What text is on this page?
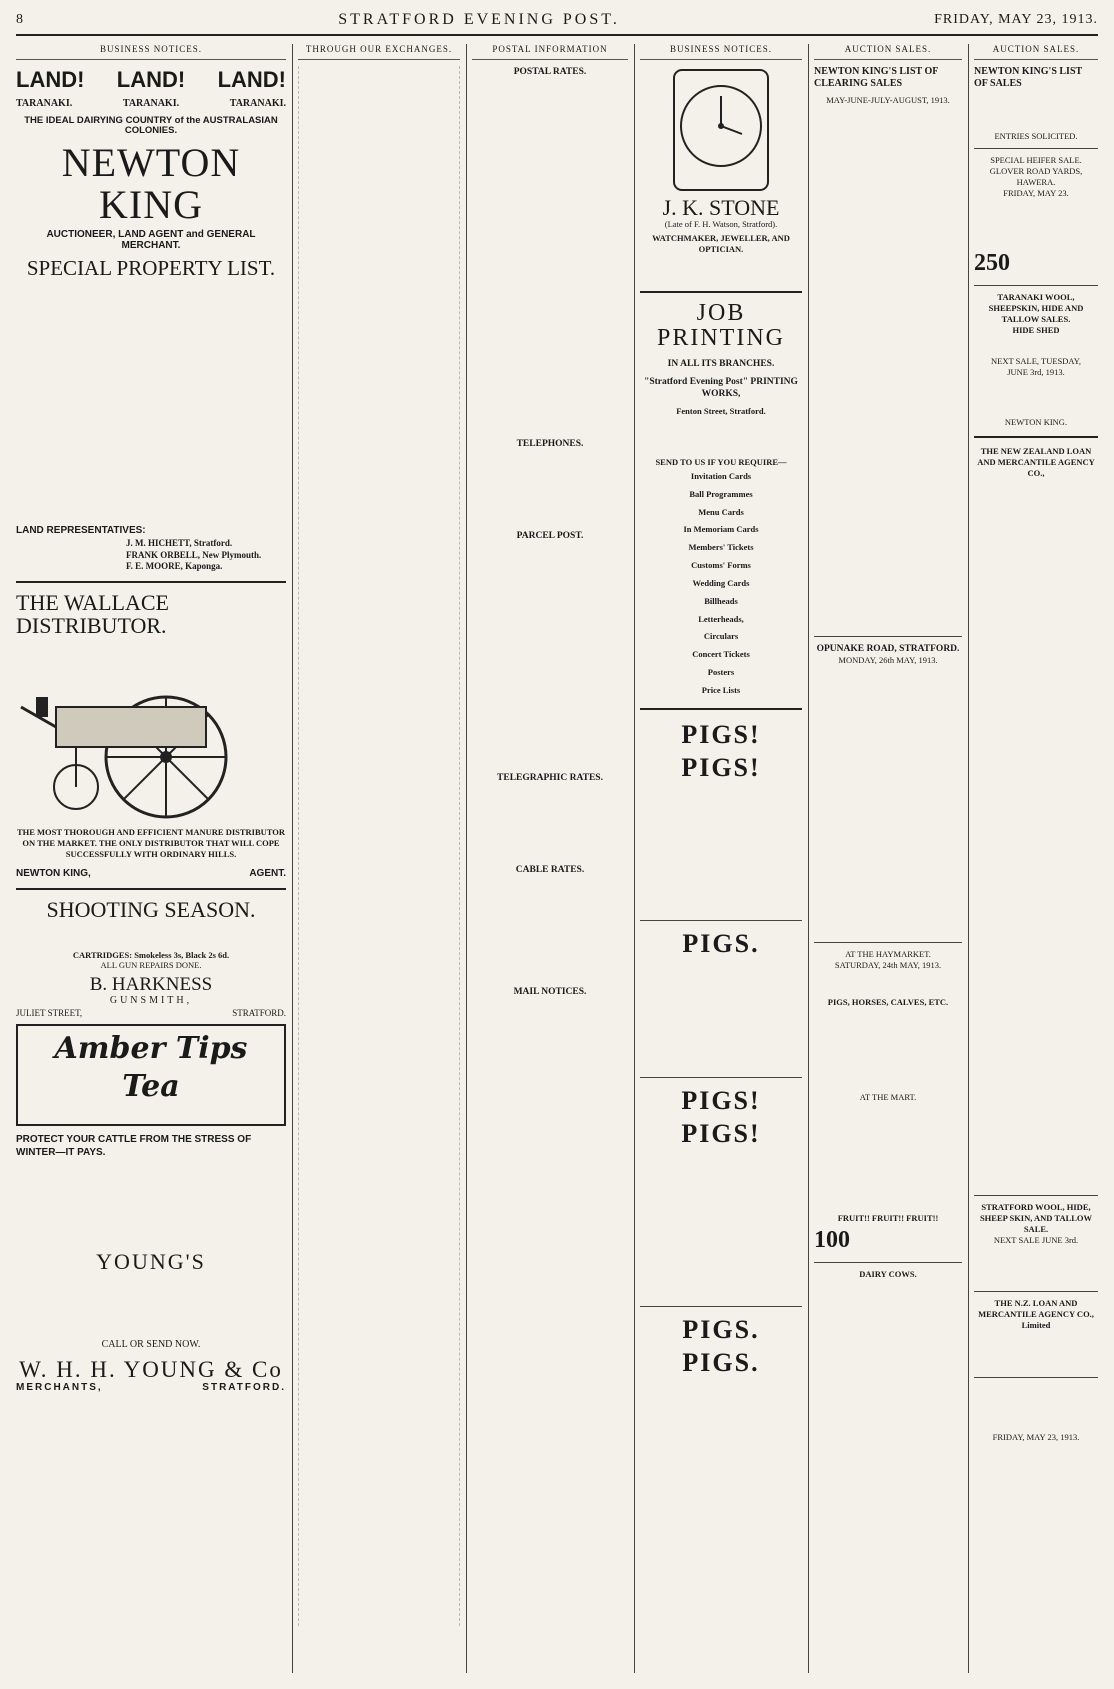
8	STRATFORD EVENING POST.	FRIDAY, MAY 23, 1913.
BUSINESS NOTICES.
LAND! LAND! LAND!
TARANAKI.	TARANAKI.	TARANAKI.
THE IDEAL DAIRYING COUNTRY of the AUSTRALASIAN COLONIES.
NEWTON KING
AUCTIONEER, LAND AGENT and GENERAL MERCHANT.
SPECIAL PROPERTY LIST.
LAND REPRESENTATIVES:
J. M. HICHETT, Stratford.
FRANK ORBELL, New Plymouth.
F. E. MOORE, Kaponga.
THE WALLACE DISTRIBUTOR.
THE MOST THOROUGH AND EFFICIENT MANURE DISTRIBUTOR ON THE MARKET. THE ONLY DISTRIBUTOR THAT WILL COPE SUCCESSFULLY WITH ORDINARY HILLS.
NEWTON KING,	AGENT.
SHOOTING SEASON.
CARTRIDGES: Smokeless 3s, Black 2s 6d.
ALL GUN REPAIRS DONE.
B. HARKNESS
GUNSMITH,
JULIET STREET,	STRATFORD.
Amber Tips Tea
PROTECT YOUR CATTLE FROM THE STRESS OF WINTER—IT PAYS.
YOUNG'S
CALL OR SEND NOW.
W. H. H. YOUNG & Co
MERCHANTS,	STRATFORD.
THROUGH OUR EXCHANGES.	POSTAL INFORMATION
POSTAL RATES.
TELEPHONES.
PARCEL POST.
TELEGRAPHIC RATES.
CABLE RATES.
MAIL NOTICES.
BUSINESS NOTICES.
J. K. STONE
(Late of F. H. Watson, Stratford).
WATCHMAKER, JEWELLER, AND OPTICIAN.
JOB
PRINTING
IN ALL ITS BRANCHES.
"Stratford Evening Post" PRINTING WORKS,
Fenton Street, Stratford.
SEND TO US IF YOU REQUIRE—
Invitation Cards
Ball Programmes
Menu Cards
In Memoriam Cards
Members' Tickets
Customs' Forms
Wedding Cards
Billheads
Letterheads,
Circulars
Concert Tickets
Posters
Price Lists
PIGS! PIGS!
PIGS.
PIGS! PIGS!
PIGS. PIGS.
AUCTION SALES.
NEWTON KING'S LIST OF CLEARING SALES
MAY-JUNE-JULY-AUGUST, 1913.
OPUNAKE ROAD, STRATFORD.
MONDAY, 26th MAY, 1913.
AT THE HAYMARKET.
SATURDAY, 24th MAY, 1913.
PIGS, HORSES, CALVES, ETC.
AT THE MART.
FRUIT!! FRUIT!! FRUIT!!
100
DAIRY COWS.
AUCTION SALES.
NEWTON KING'S LIST OF SALES
ENTRIES SOLICITED.
SPECIAL HEIFER SALE.
GLOVER ROAD YARDS, HAWERA.
FRIDAY, MAY 23.
250
TARANAKI WOOL, SHEEPSKIN, HIDE AND TALLOW SALES.
HIDE SHED
NEXT SALE, TUESDAY,
JUNE 3rd, 1913.
NEWTON KING.
THE NEW ZEALAND LOAN AND MERCANTILE AGENCY CO.,
STRATFORD WOOL, HIDE, SHEEP SKIN, AND TALLOW SALE.
NEXT SALE JUNE 3rd.
THE N.Z. LOAN AND MERCANTILE AGENCY CO., Limited
FRIDAY, MAY 23, 1913.
